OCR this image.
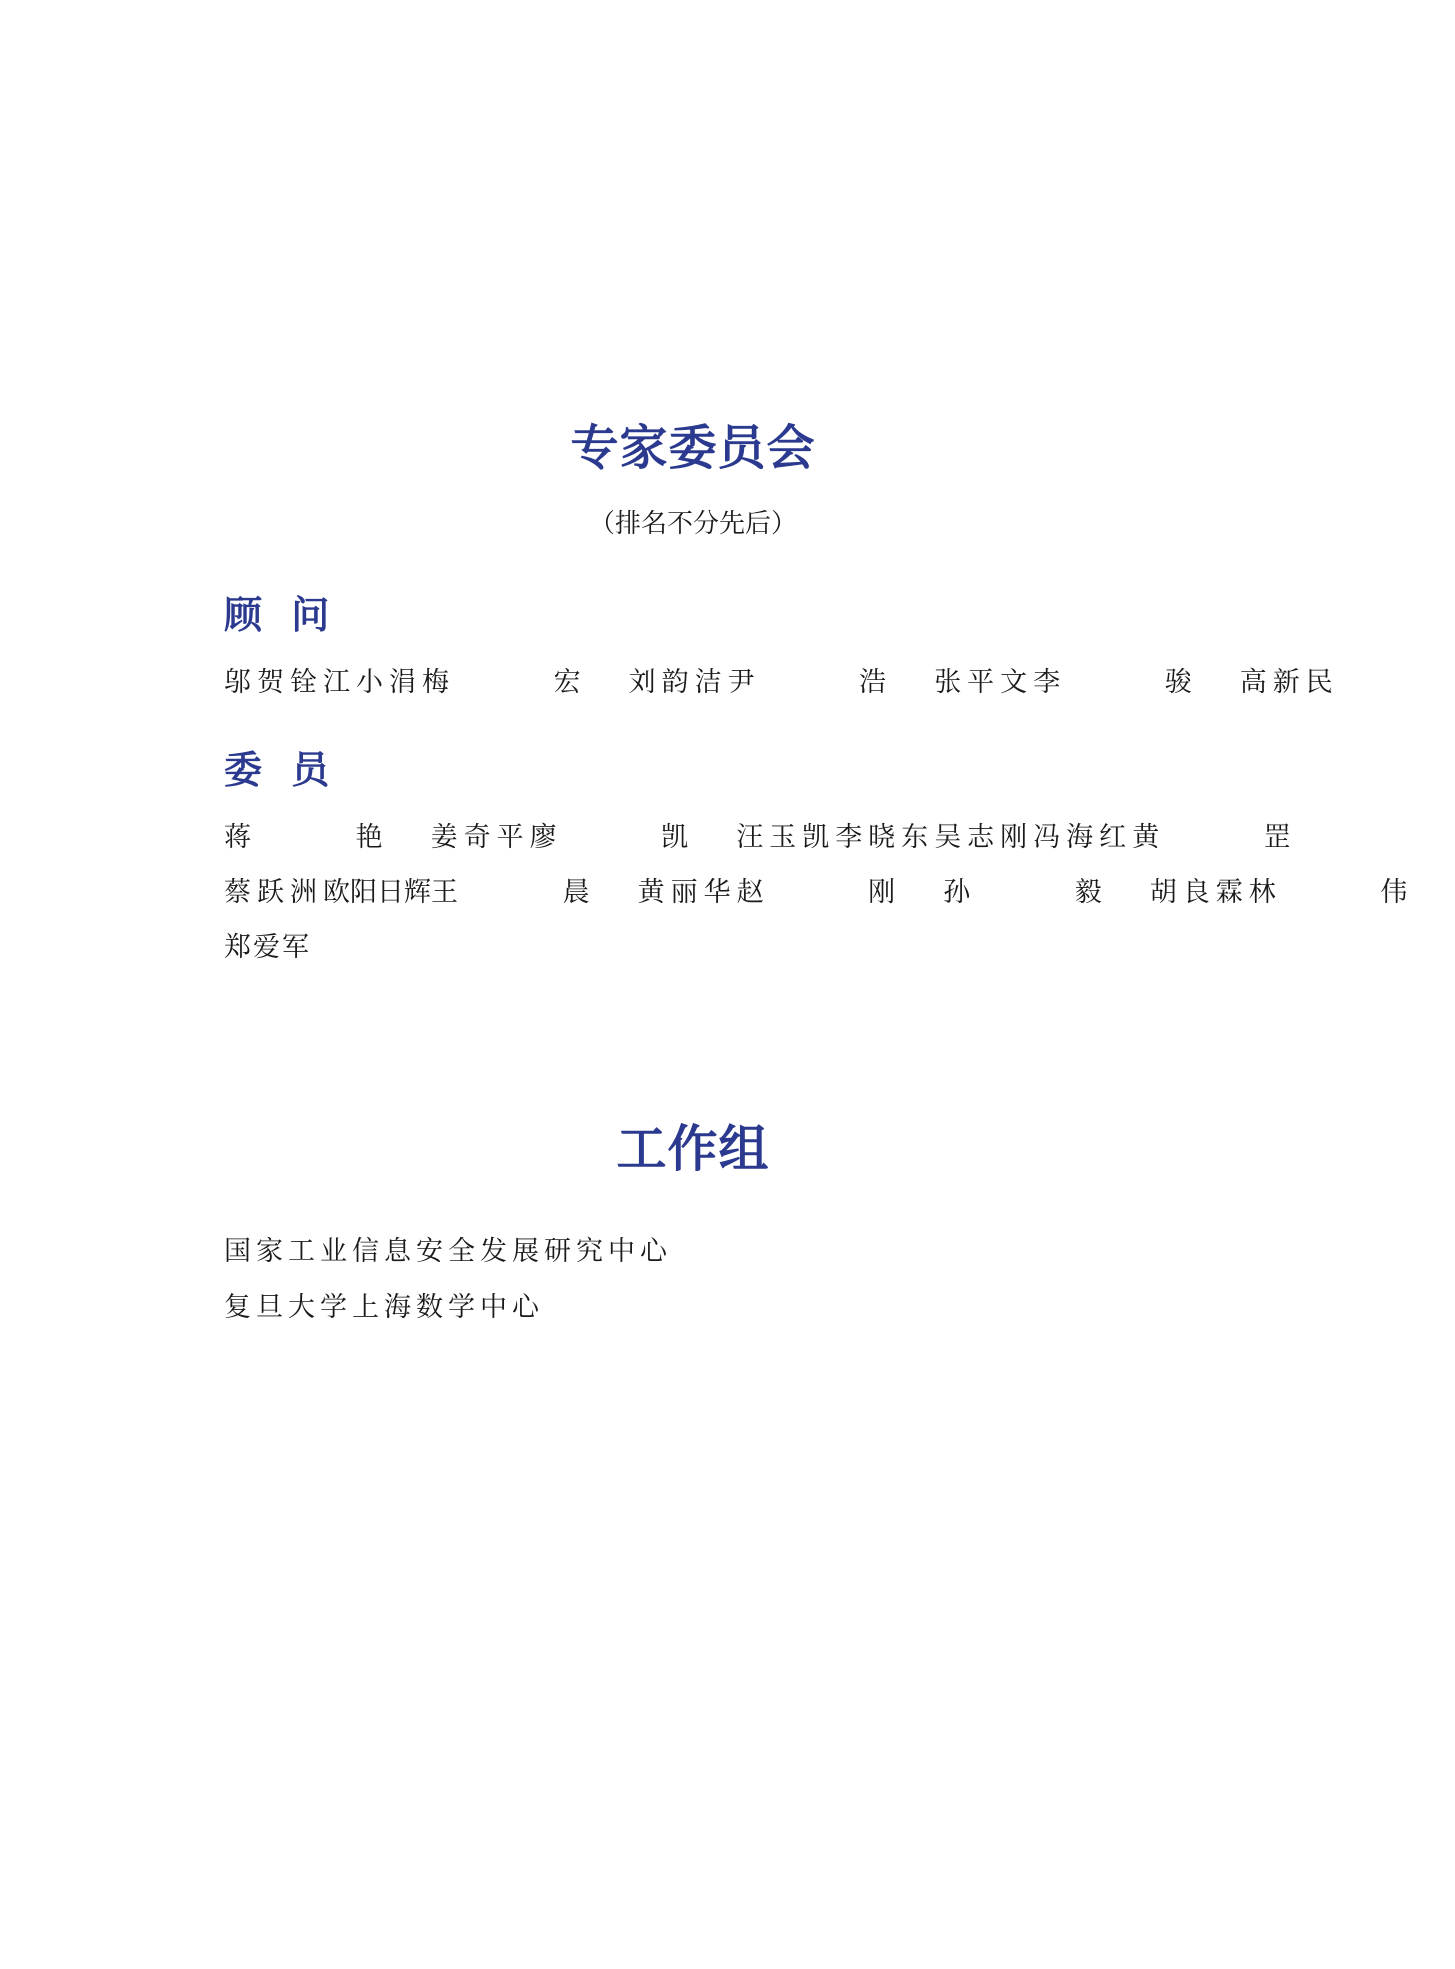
专家委员会
（排名不分先后）
顾 问
邬贺铨 江小涓 梅 宏 刘韵洁 尹 浩 张平文 李 骏 高新民
委 员
蒋 艳 姜奇平 廖 凯 汪玉凯 李晓东 吴志刚 冯海红 黄 罡
蔡跃洲 欧阳日辉 王 晨 黄丽华 赵 刚 孙 毅 胡良霖 林 伟
郑爱军
工作组
国家工业信息安全发展研究中心
复旦大学上海数学中心
